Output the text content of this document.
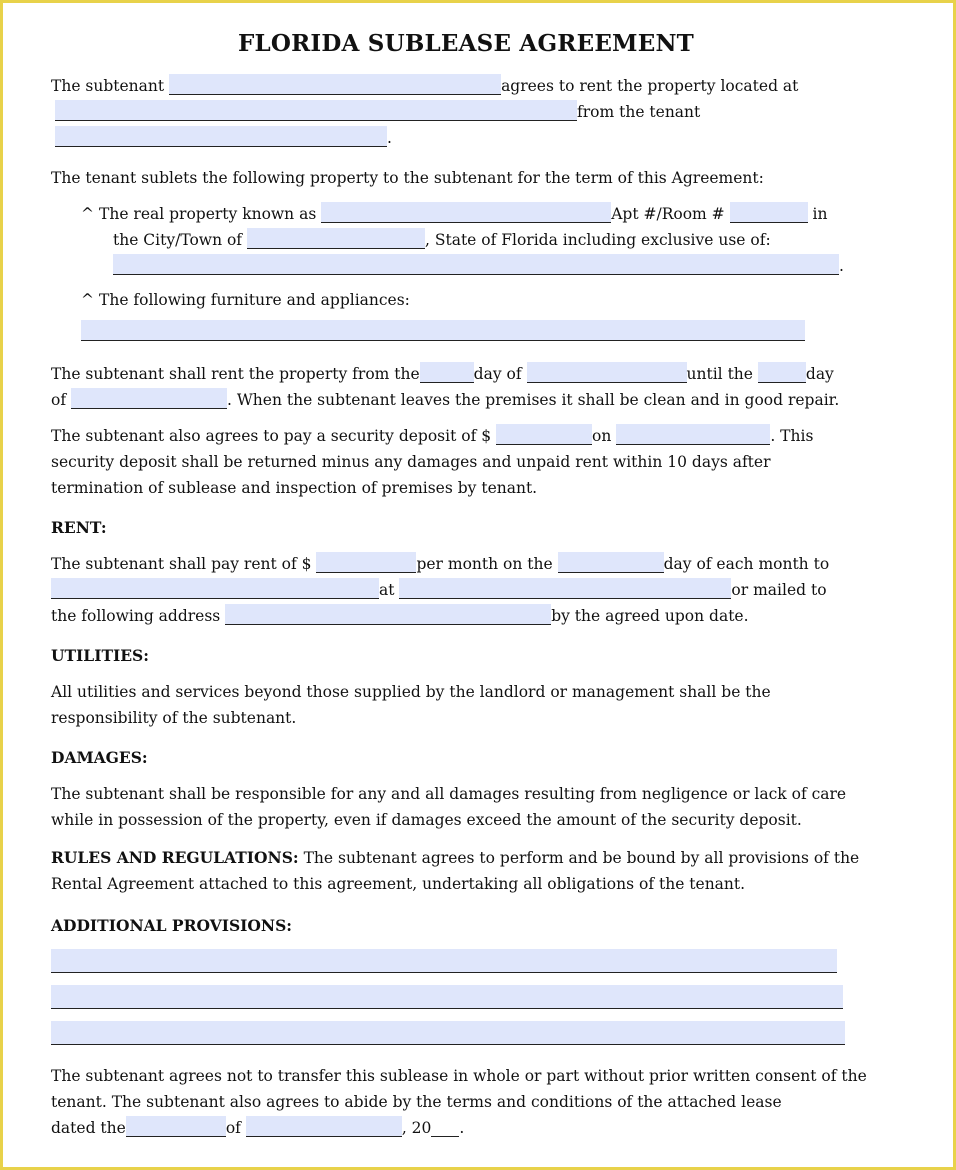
FLORIDA SUBLEASE AGREEMENT

The subtenant	agrees to rent the property located at
from the tenant
.

The tenant sublets the following property to the subtenant for the term of this Agreement:

^ The real property known as	Apt #/Room #	in
the City/Town of	, State of Florida including exclusive use of:
.
^ The following furniture and appliances:

The subtenant shall rent the property from the	day of	until the	day
of	. When the subtenant leaves the premises it shall be clean and in good repair.

The subtenant also agrees to pay a security deposit of $	on	. This
security deposit shall be returned minus any damages and unpaid rent within 10 days after
termination of sublease and inspection of premises by tenant.

RENT:

The subtenant shall pay rent of $	per month on the	day of each month to
at	or mailed to
the following address	by the agreed upon date.

UTILITIES:

All utilities and services beyond those supplied by the landlord or management shall be the responsibility of the subtenant.

DAMAGES:

The subtenant shall be responsible for any and all damages resulting from negligence or lack of care while in possession of the property, even if damages exceed the amount of the security deposit.

RULES AND REGULATIONS: The subtenant agrees to perform and be bound by all provisions of the Rental Agreement attached to this agreement, undertaking all obligations of the tenant.

ADDITIONAL PROVISIONS:

The subtenant agrees not to transfer this sublease in whole or part without prior written consent of the tenant. The subtenant also agrees to abide by the terms and conditions of the attached lease
dated the	of	, 20 .
